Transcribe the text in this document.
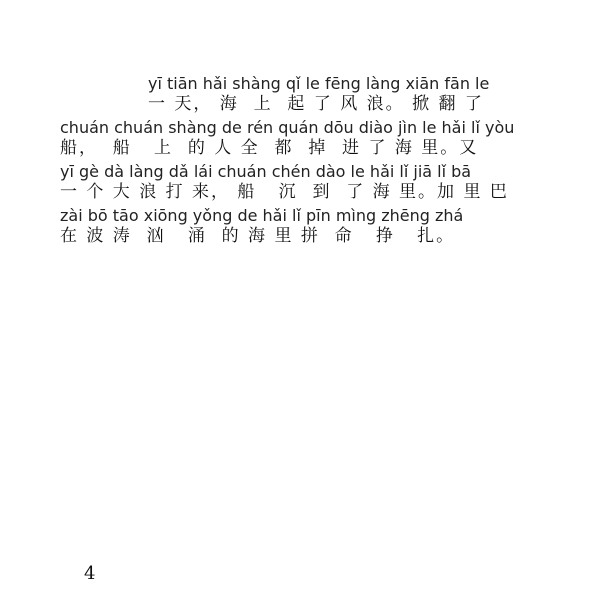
yī tiān hǎi shàng qǐ le fēng làng xiān fān le
一 天， 海  上  起 了 风 浪。 掀 翻 了
chuán chuán shàng de rén quán dōu diào jìn le hǎi lǐ yòu
船，  船   上  的 人 全  都  掉  进 了 海 里。又
yī gè dà làng dǎ lái chuán chén dào le hǎi lǐ jiā lǐ bā
一 个 大 浪 打 来， 船   沉  到  了 海 里。加 里 巴
zài bō tāo xiōng yǒng de hǎi lǐ pīn mìng zhēng zhá
在 波 涛  汹   涌  的 海 里 拼  命   挣   扎。
4
